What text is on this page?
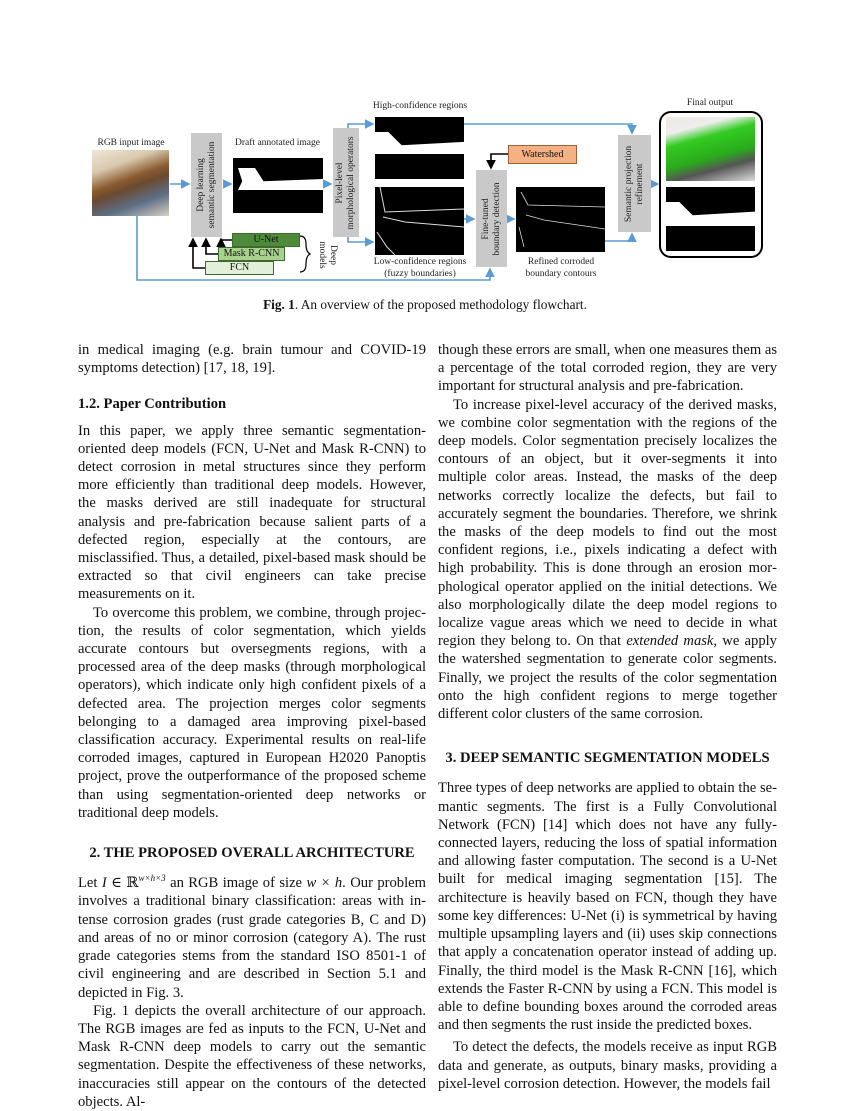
RGB input image
Deep learning
semantic segmentation	Draft annotated image
Pixel-level
morphological operators
High-confidence regions
Low-confidence regions
(fuzzy boundaries)
Watershed
Fine-tuned
boundary detection
Refined corroded
boundary contours
Semantic projection
refinement
Final output
U-Net
Mask R-CNN
FCN
Deep
models
Fig. 1. An overview of the proposed methodology flowchart.

in medical imaging (e.g. brain tumour and COVID-19 symptoms detection) [17, 18, 19].

1.2. Paper Contribution

In this paper, we apply three semantic segmentation-oriented deep models (FCN, U-Net and Mask R-CNN) to detect corrosion in metal structures since they perform more efficiently than traditional deep models. However, the masks derived are still inadequate for structural analysis and pre-fabrication because salient parts of a defected region, especially at the contours, are misclassified. Thus, a detailed, pixel-based mask should be extracted so that civil engineers can take precise measurements on it.

To overcome this problem, we combine, through projection, the results of color segmentation, which yields accurate contours but oversegments regions, with a processed area of the deep masks (through morphological operators), which indicate only high confident pixels of a defected area. The projection merges color segments belonging to a damaged area improving pixel-based classification accuracy. Experimental results on real-life corroded images, captured in European H2020 Panoptis project, prove the outperformance of the proposed scheme than using segmentation-oriented deep networks or traditional deep models.

2. THE PROPOSED OVERALL ARCHITECTURE

Let I ∈ ℝ$^{w\times h\times 3}$ an RGB image of size w × h. Our problem involves a traditional binary classification: areas with intense corrosion grades (rust grade categories B, C and D) and areas of no or minor corrosion (category A). The rust grade categories stems from the standard ISO 8501-1 of civil engineering and are described in Section 5.1 and depicted in Fig. 3.

Fig. 1 depicts the overall architecture of our approach. The RGB images are fed as inputs to the FCN, U-Net and Mask R-CNN deep models to carry out the semantic segmentation. Despite the effectiveness of these networks, inaccuracies still appear on the contours of the detected objects. Al-

though these errors are small, when one measures them as a percentage of the total corroded region, they are very important for structural analysis and pre-fabrication.

To increase pixel-level accuracy of the derived masks, we combine color segmentation with the regions of the deep models. Color segmentation precisely localizes the contours of an object, but it over-segments it into multiple color areas. Instead, the masks of the deep networks correctly localize the defects, but fail to accurately segment the boundaries. Therefore, we shrink the masks of the deep models to find out the most confident regions, i.e., pixels indicating a defect with high probability. This is done through an erosion morphological operator applied on the initial detections. We also morphologically dilate the deep model regions to localize vague areas which we need to decide in what region they belong to. On that extended mask, we apply the watershed segmentation to generate color segments. Finally, we project the results of the color segmentation onto the high confident regions to merge together different color clusters of the same corrosion.

3. DEEP SEMANTIC SEGMENTATION MODELS

Three types of deep networks are applied to obtain the semantic segments. The first is a Fully Convolutional Network (FCN) [14] which does not have any fully-connected layers, reducing the loss of spatial information and allowing faster computation. The second is a U-Net built for medical imaging segmentation [15]. The architecture is heavily based on FCN, though they have some key differences: U-Net (i) is symmetrical by having multiple upsampling layers and (ii) uses skip connections that apply a concatenation operator instead of adding up. Finally, the third model is the Mask R-CNN [16], which extends the Faster R-CNN by using a FCN. This model is able to define bounding boxes around the corroded areas and then segments the rust inside the predicted boxes.

To detect the defects, the models receive as input RGB data and generate, as outputs, binary masks, providing a pixel-level corrosion detection. However, the models fail
